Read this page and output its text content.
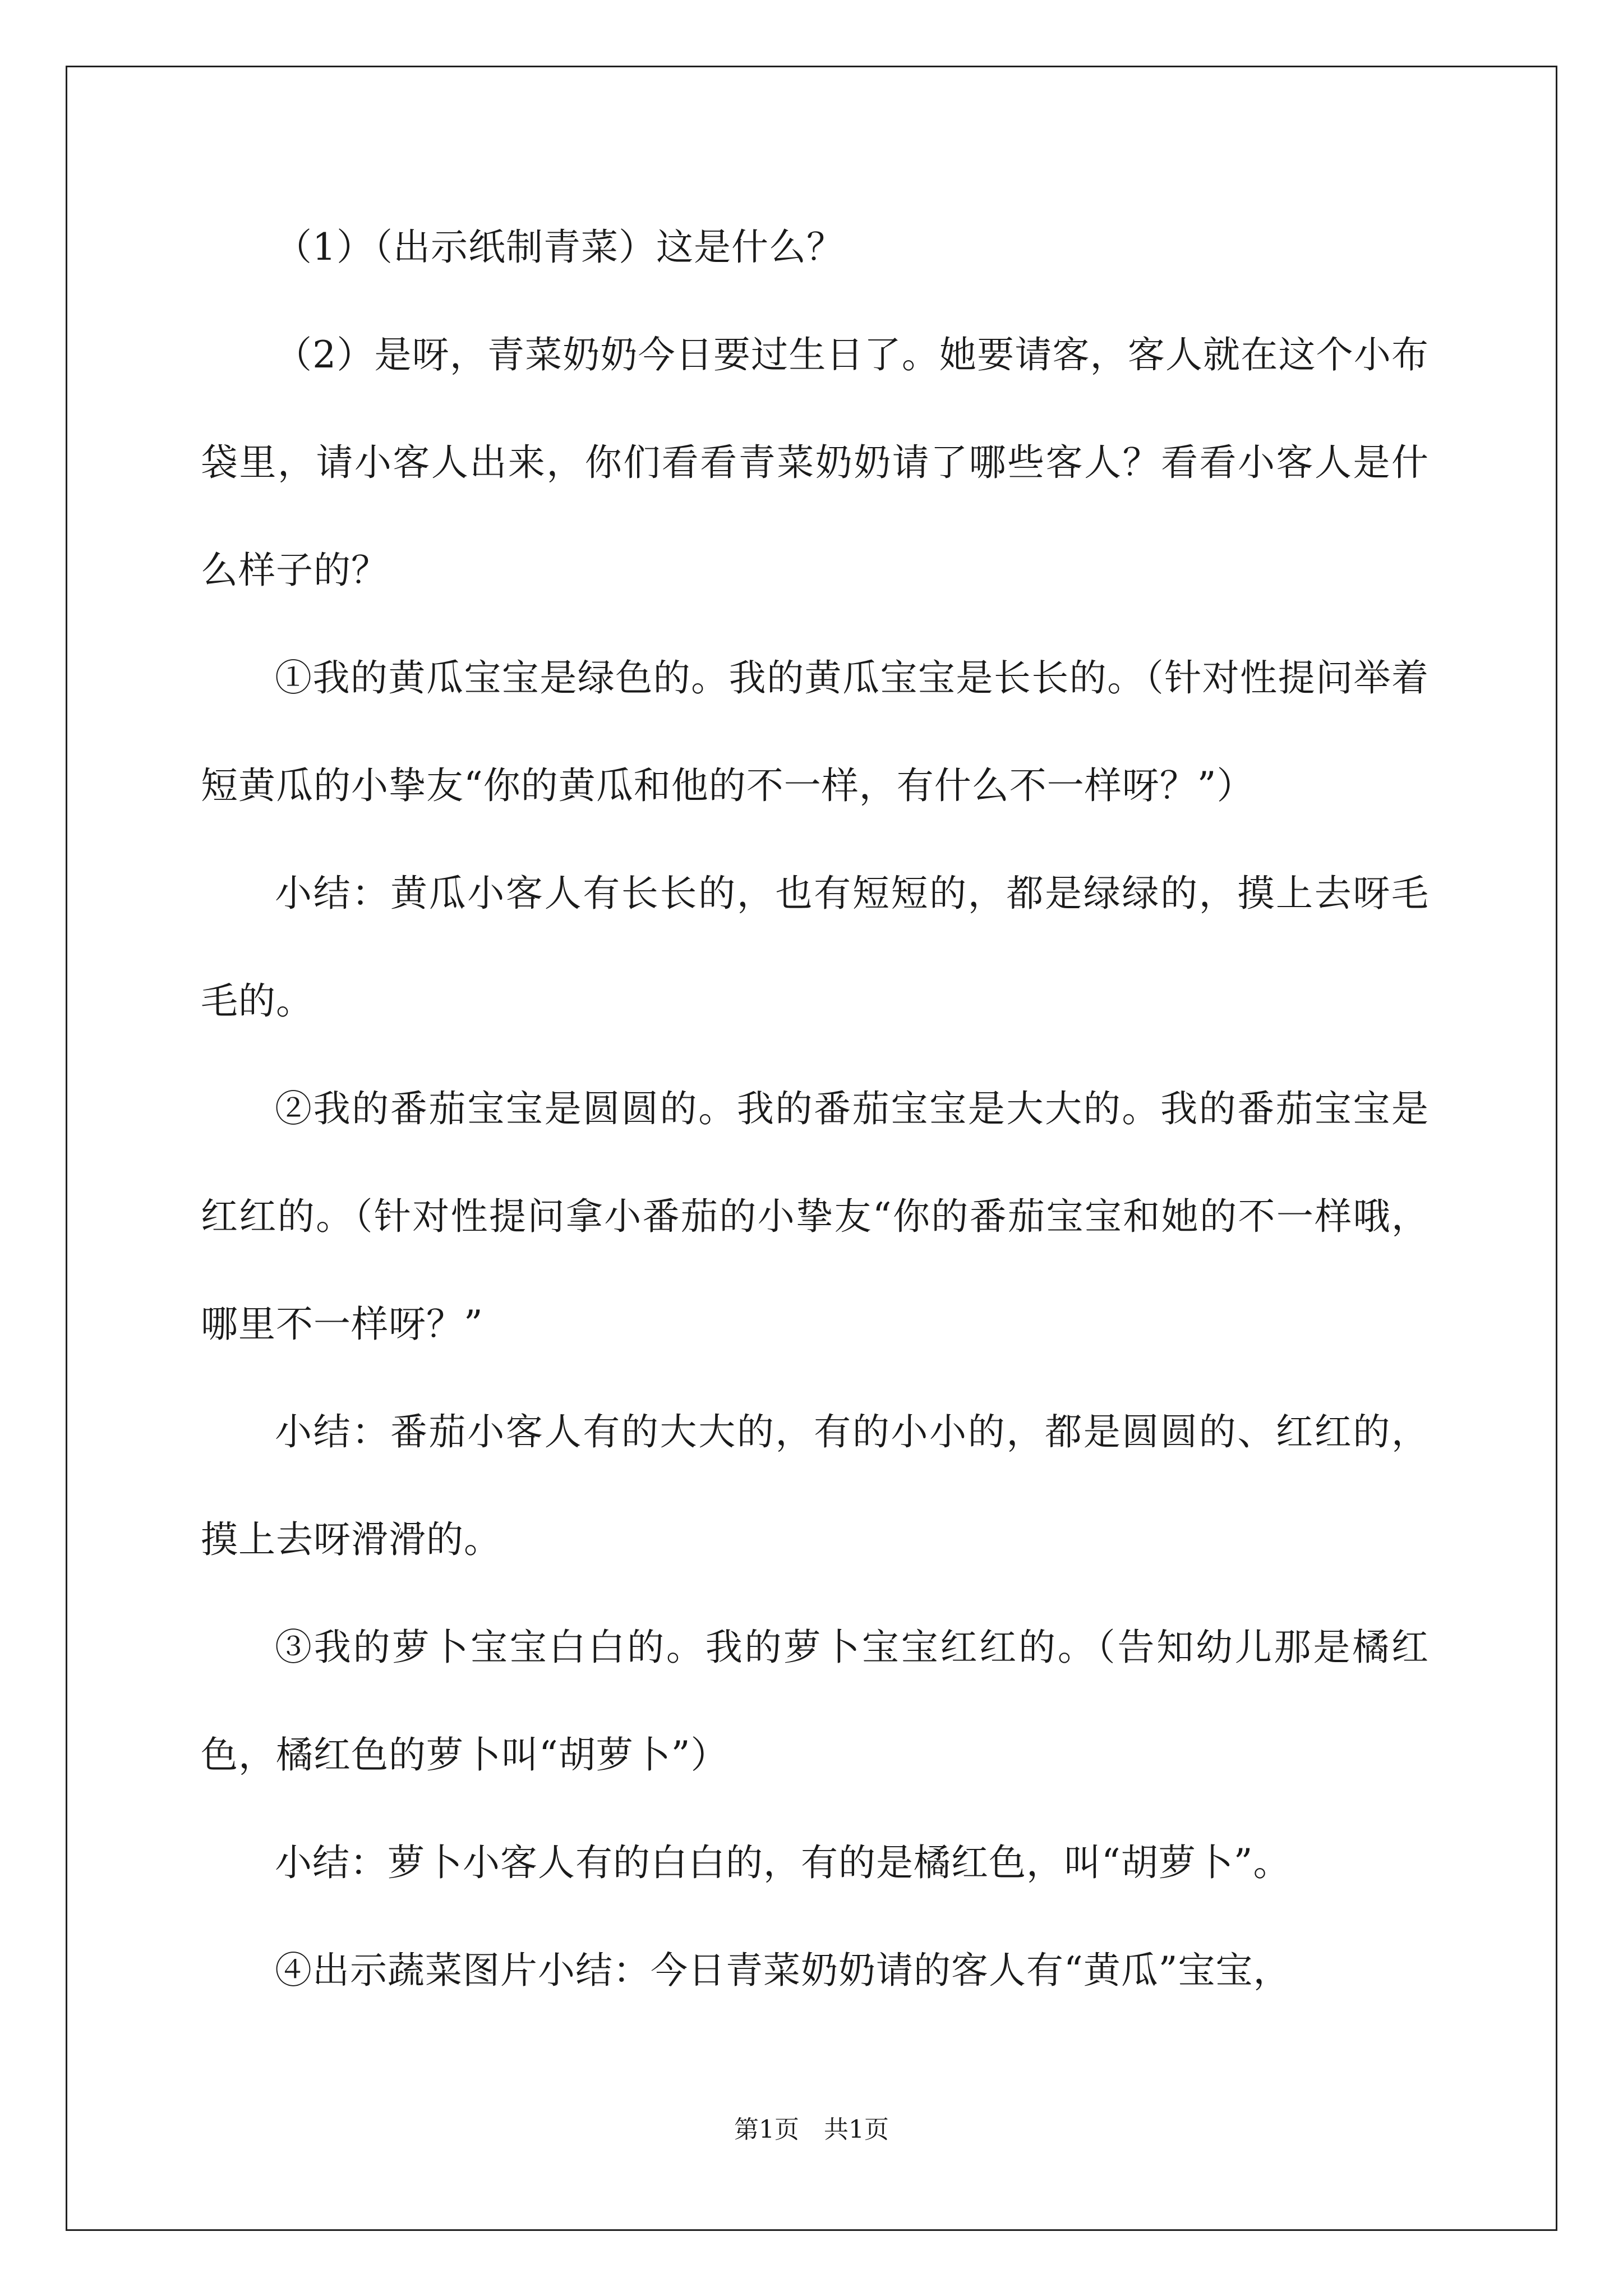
（1）（出示纸制青菜）这是什么？

（2）是呀，青菜奶奶今日要过生日了。她要请客，客人就在这个小布袋里，请小客人出来，你们看看青菜奶奶请了哪些客人？看看小客人是什么样子的？

①我的黄瓜宝宝是绿色的。我的黄瓜宝宝是长长的。（针对性提问举着短黄瓜的小挚友“你的黄瓜和他的不一样，有什么不一样呀？”）

小结：黄瓜小客人有长长的，也有短短的，都是绿绿的，摸上去呀毛毛的。

②我的番茄宝宝是圆圆的。我的番茄宝宝是大大的。我的番茄宝宝是红红的。（针对性提问拿小番茄的小挚友“你的番茄宝宝和她的不一样哦，哪里不一样呀？”

小结：番茄小客人有的大大的，有的小小的，都是圆圆的、红红的，摸上去呀滑滑的。

③我的萝卜宝宝白白的。我的萝卜宝宝红红的。（告知幼儿那是橘红色，橘红色的萝卜叫“胡萝卜”）

小结：萝卜小客人有的白白的，有的是橘红色，叫“胡萝卜”。

④出示蔬菜图片小结：今日青菜奶奶请的客人有“黄瓜”宝宝，

第1页 共1页
